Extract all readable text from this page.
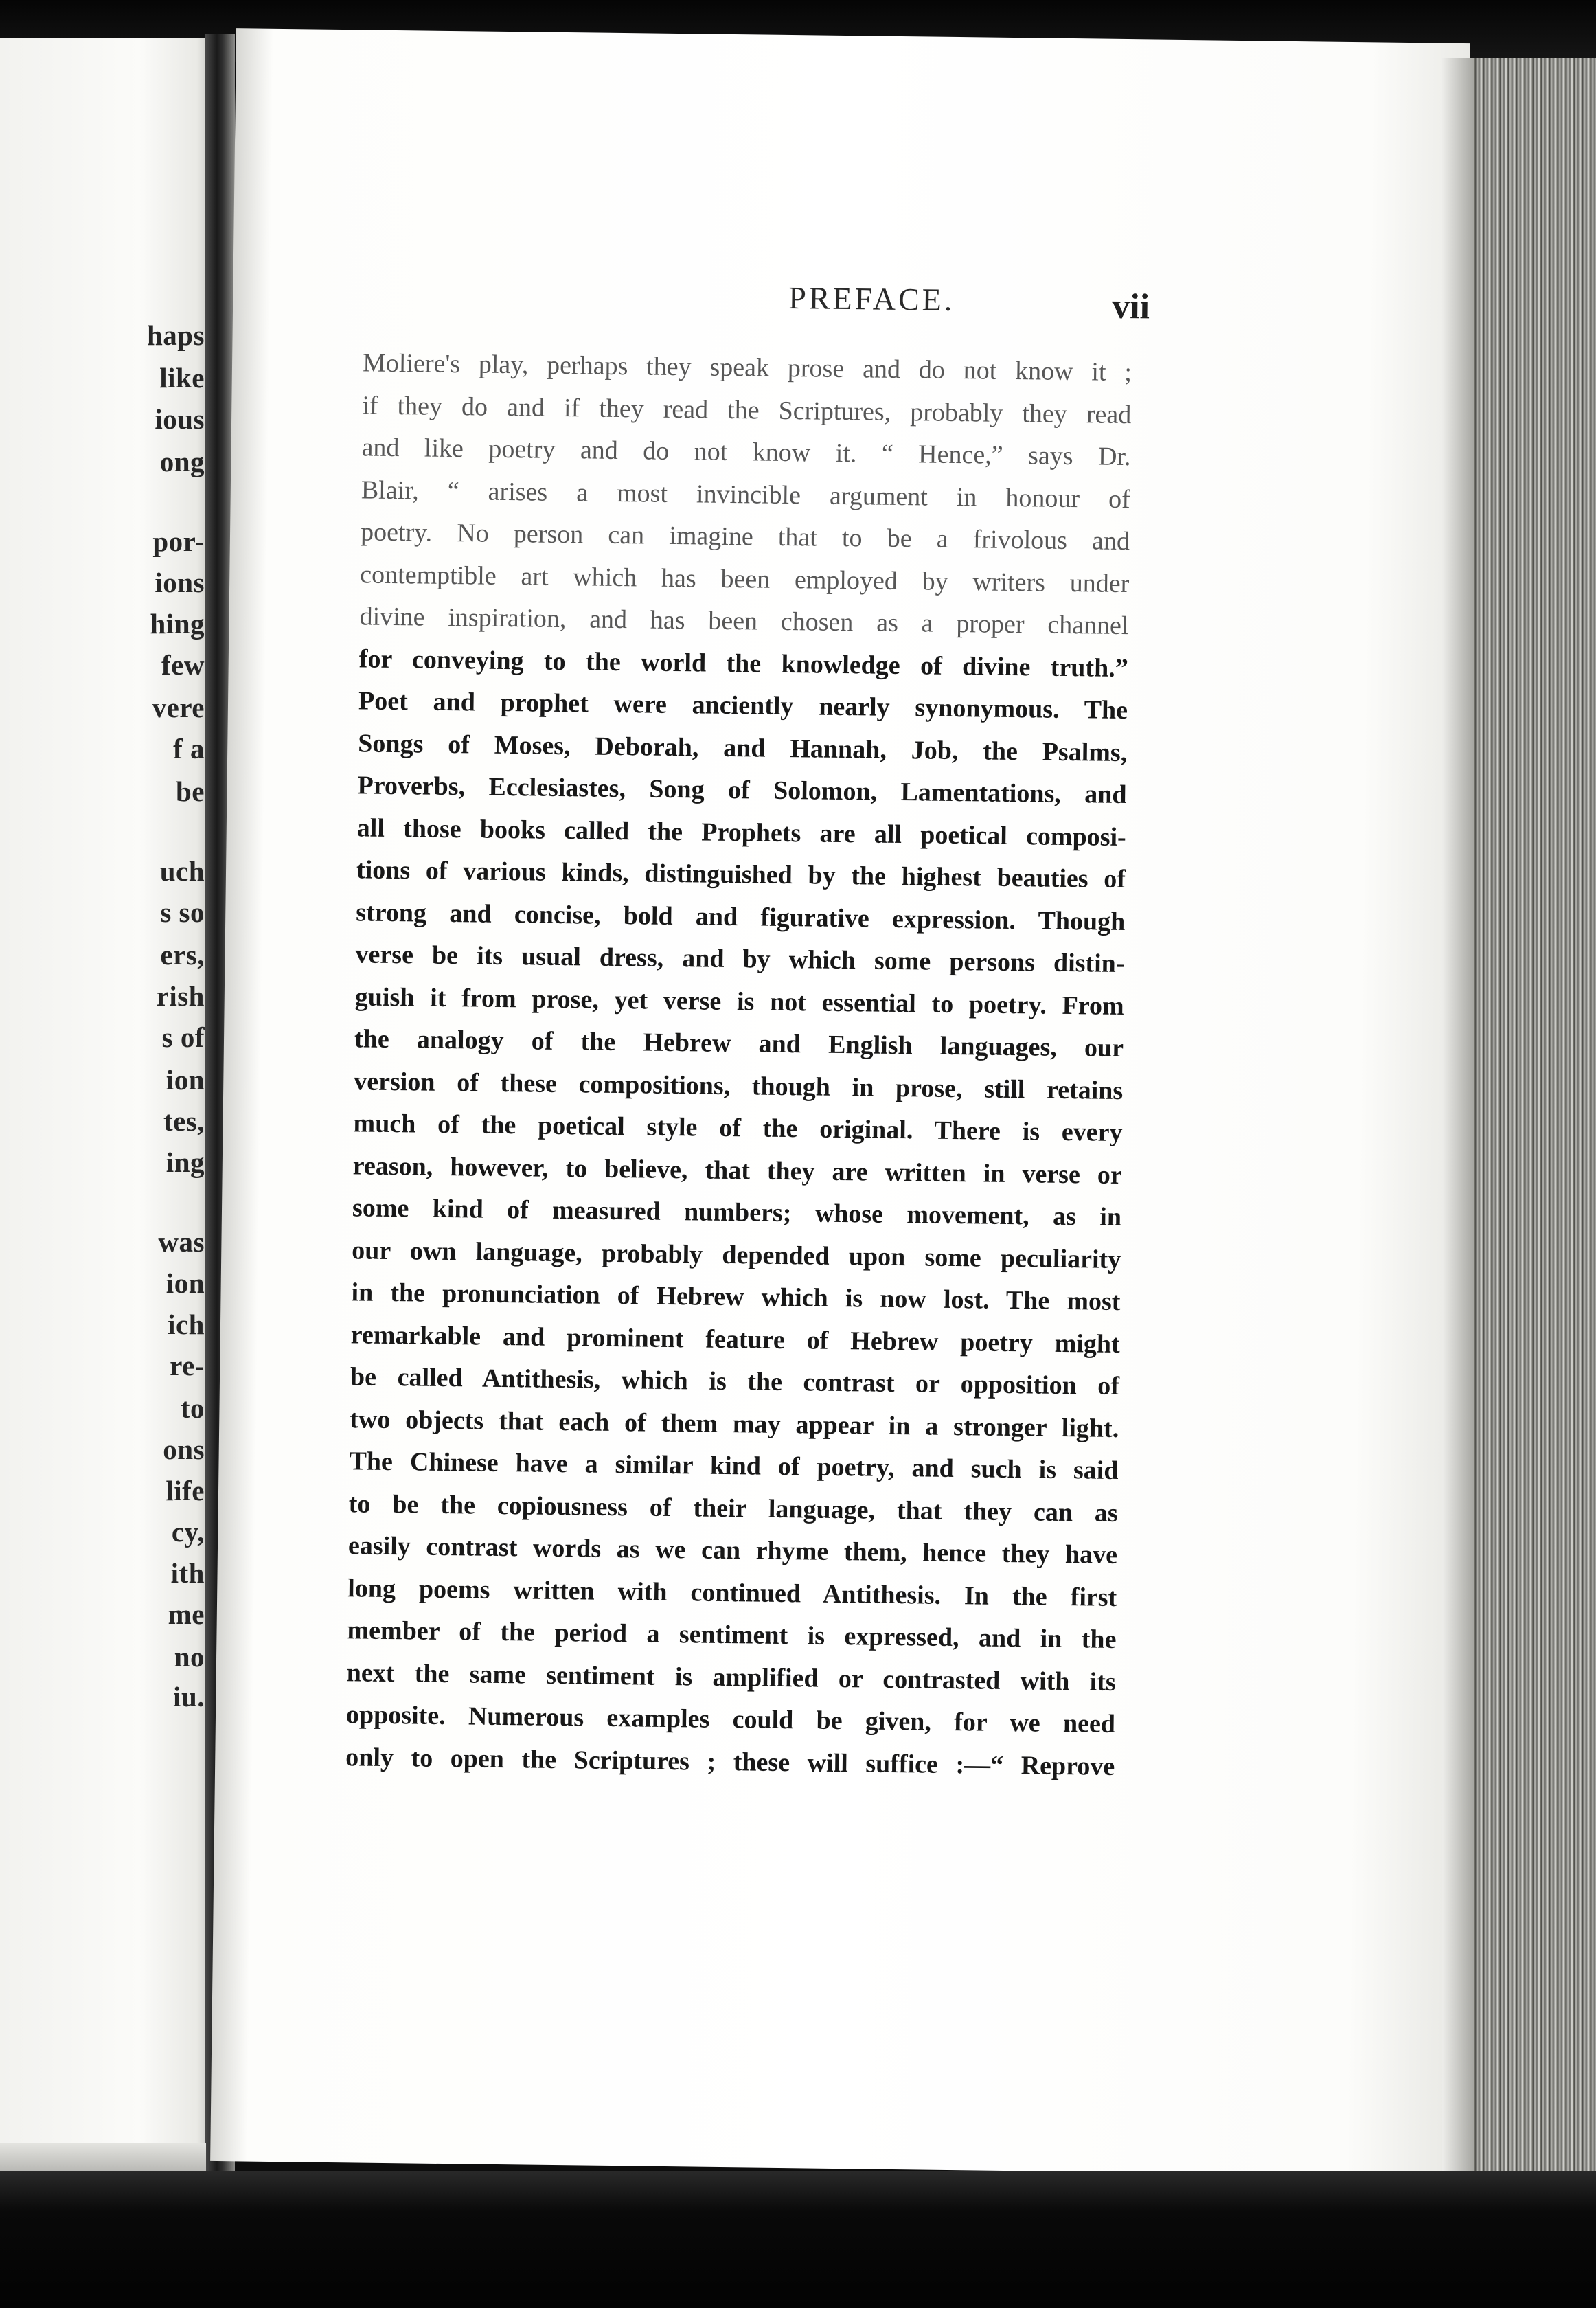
haps
like
ious
ong
por-
ions
hing
few
vere
f a
be
uch
s so
ers,
rish
s of
ion
tes,
ing
was
ion
ich
re-
to
ons
life
cy,
ith
me
no
iu.
PREFACE.	vii
Moliere's play, perhaps they speak prose and do not know it ;
if they do and if they read the Scriptures, probably they read
and like poetry and do not know it. “ Hence,” says Dr.
Blair, “ arises a most invincible argument in honour of
poetry. No person can imagine that to be a frivolous and
contemptible art which has been employed by writers under
divine inspiration, and has been chosen as a proper channel
for conveying to the world the knowledge of divine truth.”
Poet and prophet were anciently nearly synonymous. The
Songs of Moses, Deborah, and Hannah, Job, the Psalms,
Proverbs, Ecclesiastes, Song of Solomon, Lamentations, and
all those books called the Prophets are all poetical composi-
tions of various kinds, distinguished by the highest beauties of
strong and concise, bold and figurative expression. Though
verse be its usual dress, and by which some persons distin-
guish it from prose, yet verse is not essential to poetry. From
the analogy of the Hebrew and English languages, our
version of these compositions, though in prose, still retains
much of the poetical style of the original. There is every
reason, however, to believe, that they are written in verse or
some kind of measured numbers; whose movement, as in
our own language, probably depended upon some peculiarity
in the pronunciation of Hebrew which is now lost. The most
remarkable and prominent feature of Hebrew poetry might
be called Antithesis, which is the contrast or opposition of
two objects that each of them may appear in a stronger light.
The Chinese have a similar kind of poetry, and such is said
to be the copiousness of their language, that they can as
easily contrast words as we can rhyme them, hence they have
long poems written with continued Antithesis. In the first
member of the period a sentiment is expressed, and in the
next the same sentiment is amplified or contrasted with its
opposite. Numerous examples could be given, for we need
only to open the Scriptures ; these will suffice :—“ Reprove
